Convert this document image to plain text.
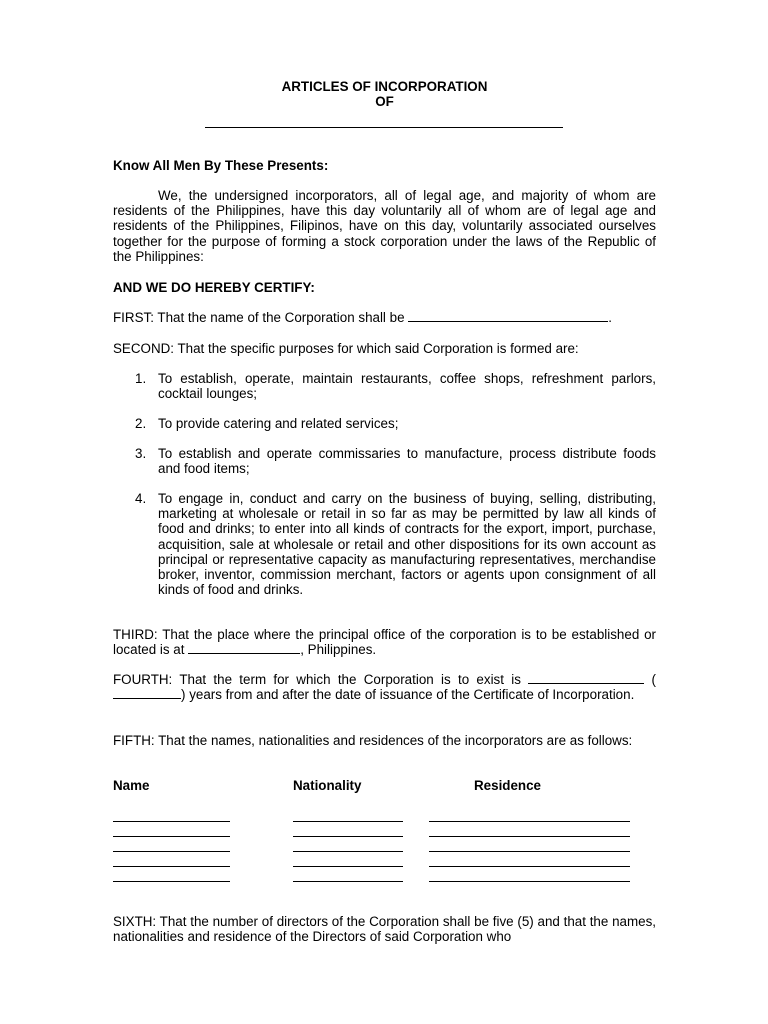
ARTICLES OF INCORPORATION
OF
Know All Men By These Presents:
We, the undersigned incorporators, all of legal age, and majority of whom are residents of the Philippines, have this day voluntarily all of whom are of legal age and residents of the Philippines, Filipinos, have on this day, voluntarily associated ourselves together for the purpose of forming a stock corporation under the laws of the Republic of the Philippines:
AND WE DO HEREBY CERTIFY:
FIRST: That the name of the Corporation shall be	.
SECOND: That the specific purposes for which said Corporation is formed are:
1. To establish, operate, maintain restaurants, coffee shops, refreshment parlors, cocktail lounges;
2. To provide catering and related services;
3. To establish and operate commissaries to manufacture, process distribute foods and food items;
4. To engage in, conduct and carry on the business of buying, selling, distributing, marketing at wholesale or retail in so far as may be permitted by law all kinds of food and drinks; to enter into all kinds of contracts for the export, import, purchase, acquisition, sale at wholesale or retail and other dispositions for its own account as principal or representative capacity as manufacturing representatives, merchandise broker, inventor, commission merchant, factors or agents upon consignment of all kinds of food and drinks.
THIRD: That the place where the principal office of the corporation is to be established or located is at	, Philippines.
FOURTH: That the term for which the Corporation is to exist is	() years from and after the date of issuance of the Certificate of Incorporation.
FIFTH: That the names, nationalities and residences of the incorporators are as follows:
Name	Nationality	Residence
SIXTH: That the number of directors of the Corporation shall be five (5) and that the names, nationalities and residence of the Directors of said Corporation who
